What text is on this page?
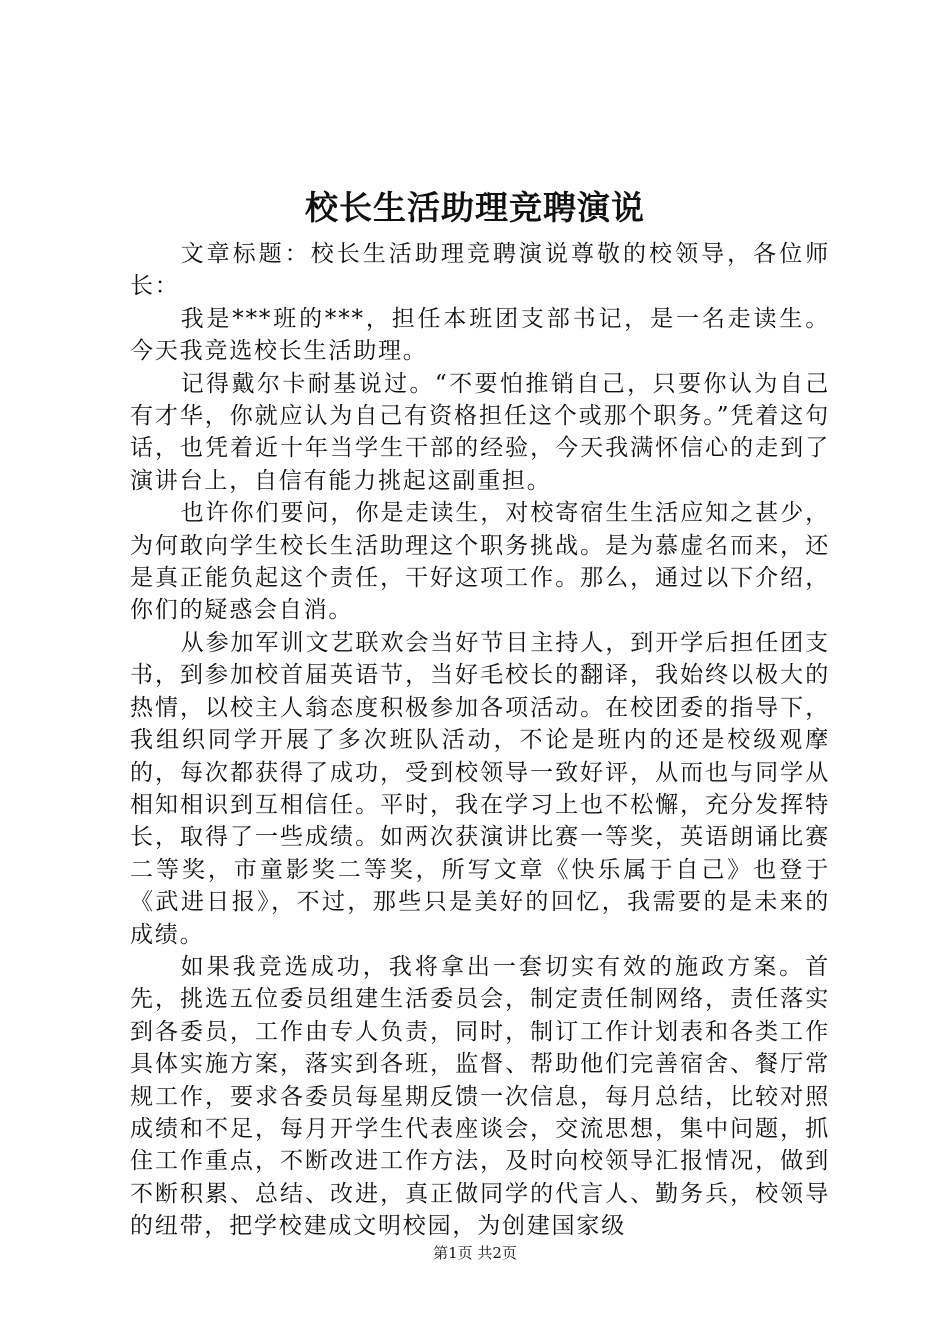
校长生活助理竞聘演说

文章标题：校长生活助理竞聘演说尊敬的校领导，各位师长：

我是***班的***，担任本班团支部书记，是一名走读生。今天我竞选校长生活助理。

记得戴尔卡耐基说过。“不要怕推销自己，只要你认为自己有才华，你就应认为自己有资格担任这个或那个职务。”凭着这句话，也凭着近十年当学生干部的经验，今天我满怀信心的走到了演讲台上，自信有能力挑起这副重担。

也许你们要问，你是走读生，对校寄宿生生活应知之甚少，为何敢向学生校长生活助理这个职务挑战。是为慕虚名而来，还是真正能负起这个责任，干好这项工作。那么，通过以下介绍，你们的疑惑会自消。

从参加军训文艺联欢会当好节目主持人，到开学后担任团支书，到参加校首届英语节，当好毛校长的翻译，我始终以极大的热情，以校主人翁态度积极参加各项活动。在校团委的指导下，我组织同学开展了多次班队活动，不论是班内的还是校级观摩的，每次都获得了成功，受到校领导一致好评，从而也与同学从相知相识到互相信任。平时，我在学习上也不松懈，充分发挥特长，取得了一些成绩。如两次获演讲比赛一等奖，英语朗诵比赛二等奖，市童影奖二等奖，所写文章《快乐属于自己》也登于《武进日报》，不过，那些只是美好的回忆，我需要的是未来的成绩。

如果我竞选成功，我将拿出一套切实有效的施政方案。首先，挑选五位委员组建生活委员会，制定责任制网络，责任落实到各委员，工作由专人负责，同时，制订工作计划表和各类工作具体实施方案，落实到各班，监督、帮助他们完善宿舍、餐厅常规工作，要求各委员每星期反馈一次信息，每月总结，比较对照成绩和不足，每月开学生代表座谈会，交流思想，集中问题，抓住工作重点，不断改进工作方法，及时向校领导汇报情况，做到不断积累、总结、改进，真正做同学的代言人、勤务兵，校领导的纽带，把学校建成文明校园，为创建国家级

第1页 共2页
